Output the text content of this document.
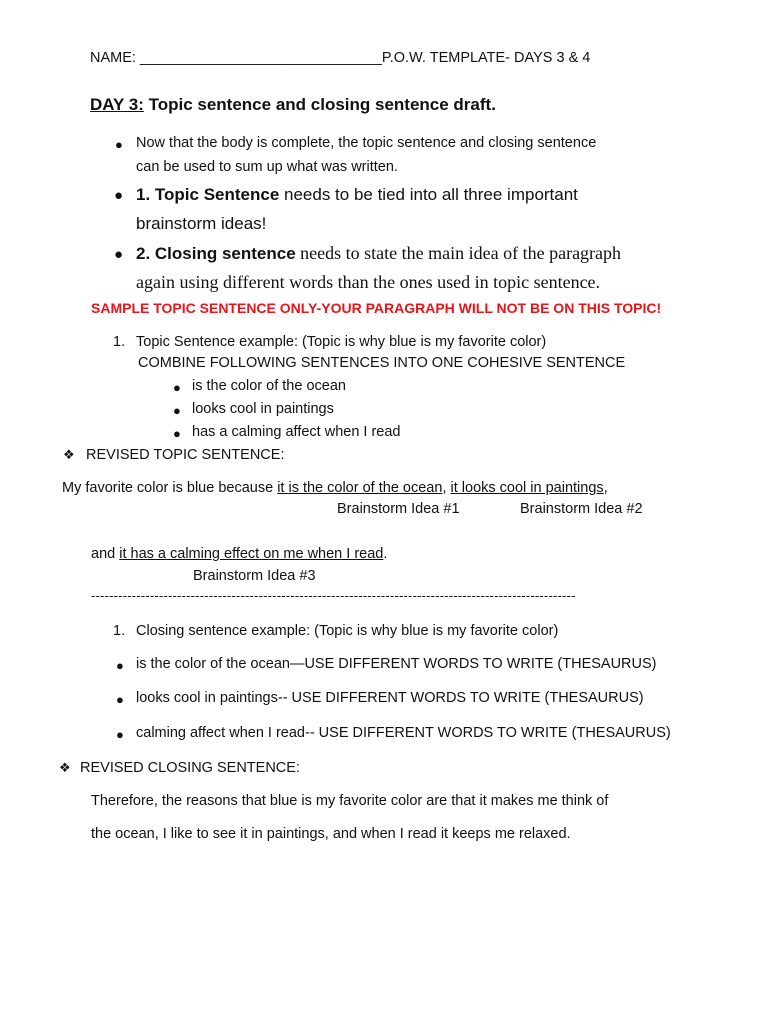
NAME: ______________________________P.O.W. TEMPLATE- DAYS 3 & 4
DAY 3: Topic sentence and closing sentence draft.
● Now that the body is complete, the topic sentence and closing sentence
can be used to sum up what was written.
● 1. Topic Sentence needs to be tied into all three important
brainstorm ideas!
● 2. Closing sentence needs to state the main idea of the paragraph
again using different words than the ones used in topic sentence.
SAMPLE TOPIC SENTENCE ONLY-YOUR PARAGRAPH WILL NOT BE ON THIS TOPIC!
1. Topic Sentence example: (Topic is why blue is my favorite color)
COMBINE FOLLOWING SENTENCES INTO ONE COHESIVE SENTENCE
● is the color of the ocean
● looks cool in paintings
● has a calming affect when I read
❖ REVISED TOPIC SENTENCE:
My favorite color is blue because it is the color of the ocean, it looks cool in paintings,
Brainstorm Idea #1	Brainstorm Idea #2
and it has a calming effect on me when I read.
Brainstorm Idea #3
-----------------------------------------------------------------------------------------------------------
1. Closing sentence example: (Topic is why blue is my favorite color)
● is the color of the ocean—USE DIFFERENT WORDS TO WRITE (THESAURUS)
● looks cool in paintings-- USE DIFFERENT WORDS TO WRITE (THESAURUS)
● calming affect when I read-- USE DIFFERENT WORDS TO WRITE (THESAURUS)
❖ REVISED CLOSING SENTENCE:
Therefore, the reasons that blue is my favorite color are that it makes me think of
the ocean, I like to see it in paintings, and when I read it keeps me relaxed.
